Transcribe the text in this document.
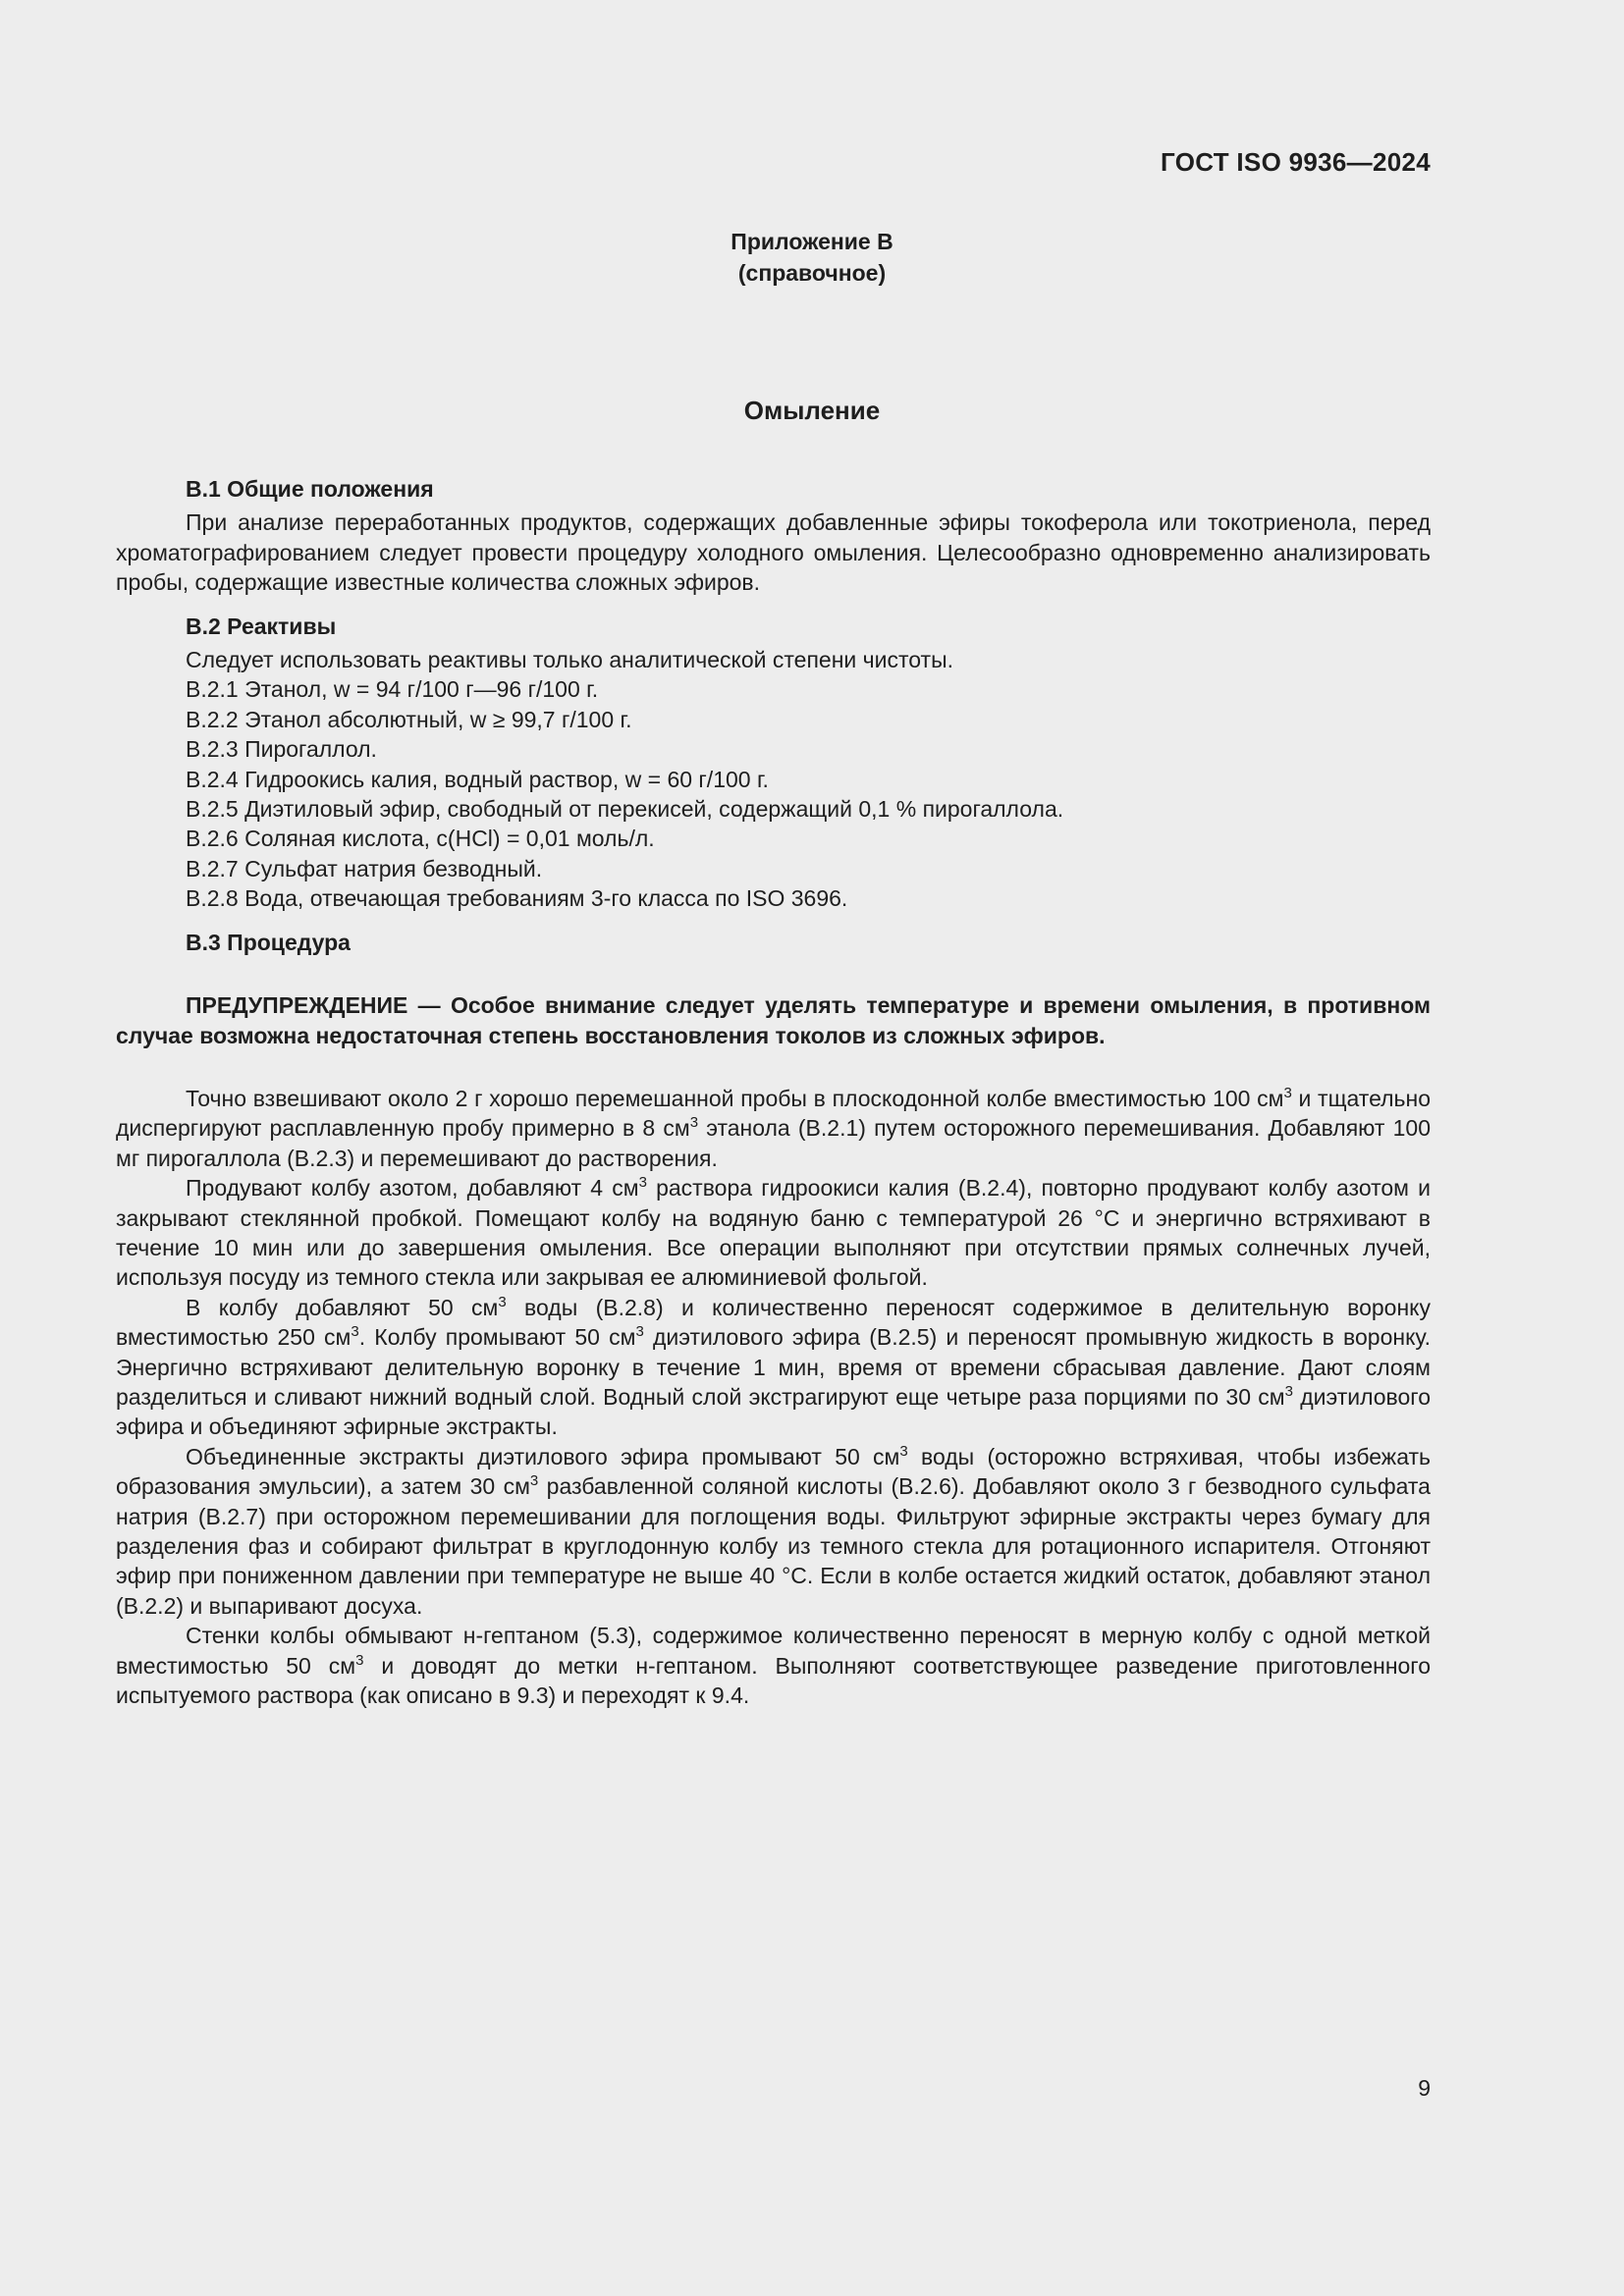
ГОСТ ISO 9936—2024
Приложение В
(справочное)
Омыление
В.1 Общие положения

При анализе переработанных продуктов, содержащих добавленные эфиры токоферола или токотриенола, перед хроматографированием следует провести процедуру холодного омыления. Целесообразно одновременно анализировать пробы, содержащие известные количества сложных эфиров.

В.2 Реактивы
Следует использовать реактивы только аналитической степени чистоты.
В.2.1 Этанол, w = 94 г/100 г—96 г/100 г.
В.2.2 Этанол абсолютный, w ≥ 99,7 г/100 г.
В.2.3 Пирогаллол.
В.2.4 Гидроокись калия, водный раствор, w = 60 г/100 г.
В.2.5 Диэтиловый эфир, свободный от перекисей, содержащий 0,1 % пирогаллола.
В.2.6 Соляная кислота, с(HCl) = 0,01 моль/л.
В.2.7 Сульфат натрия безводный.
В.2.8 Вода, отвечающая требованиям 3-го класса по ISO 3696.
В.3 Процедура

ПРЕДУПРЕЖДЕНИЕ — Особое внимание следует уделять температуре и времени омыления, в противном случае возможна недостаточная степень восстановления токолов из сложных эфиров.

Точно взвешивают около 2 г хорошо перемешанной пробы в плоскодонной колбе вместимостью 100 $см^3$ и тщательно диспергируют расплавленную пробу примерно в 8 $см^3$ этанола (В.2.1) путем осторожного перемешивания. Добавляют 100 мг пирогаллола (В.2.3) и перемешивают до растворения.

Продувают колбу азотом, добавляют 4 $см^3$ раствора гидроокиси калия (В.2.4), повторно продувают колбу азотом и закрывают стеклянной пробкой. Помещают колбу на водяную баню с температурой 26 °С и энергично встряхивают в течение 10 мин или до завершения омыления. Все операции выполняют при отсутствии прямых солнечных лучей, используя посуду из темного стекла или закрывая ее алюминиевой фольгой.

В колбу добавляют 50 $см^3$ воды (В.2.8) и количественно переносят содержимое в делительную воронку вместимостью 250 $см^3$. Колбу промывают 50 $см^3$ диэтилового эфира (В.2.5) и переносят промывную жидкость в воронку. Энергично встряхивают делительную воронку в течение 1 мин, время от времени сбрасывая давление. Дают слоям разделиться и сливают нижний водный слой. Водный слой экстрагируют еще четыре раза порциями по 30 $см^3$ диэтилового эфира и объединяют эфирные экстракты.

Объединенные экстракты диэтилового эфира промывают 50 $см^3$ воды (осторожно встряхивая, чтобы избежать образования эмульсии), а затем 30 $см^3$ разбавленной соляной кислоты (В.2.6). Добавляют около 3 г безводного сульфата натрия (В.2.7) при осторожном перемешивании для поглощения воды. Фильтруют эфирные экстракты через бумагу для разделения фаз и собирают фильтрат в круглодонную колбу из темного стекла для ротационного испарителя. Отгоняют эфир при пониженном давлении при температуре не выше 40 °С. Если в колбе остается жидкий остаток, добавляют этанол (В.2.2) и выпаривают досуха.

Стенки колбы обмывают н-гептаном (5.3), содержимое количественно переносят в мерную колбу с одной меткой вместимостью 50 $см^3$ и доводят до метки н-гептаном. Выполняют соответствующее разведение приготовленного испытуемого раствора (как описано в 9.3) и переходят к 9.4.

9
